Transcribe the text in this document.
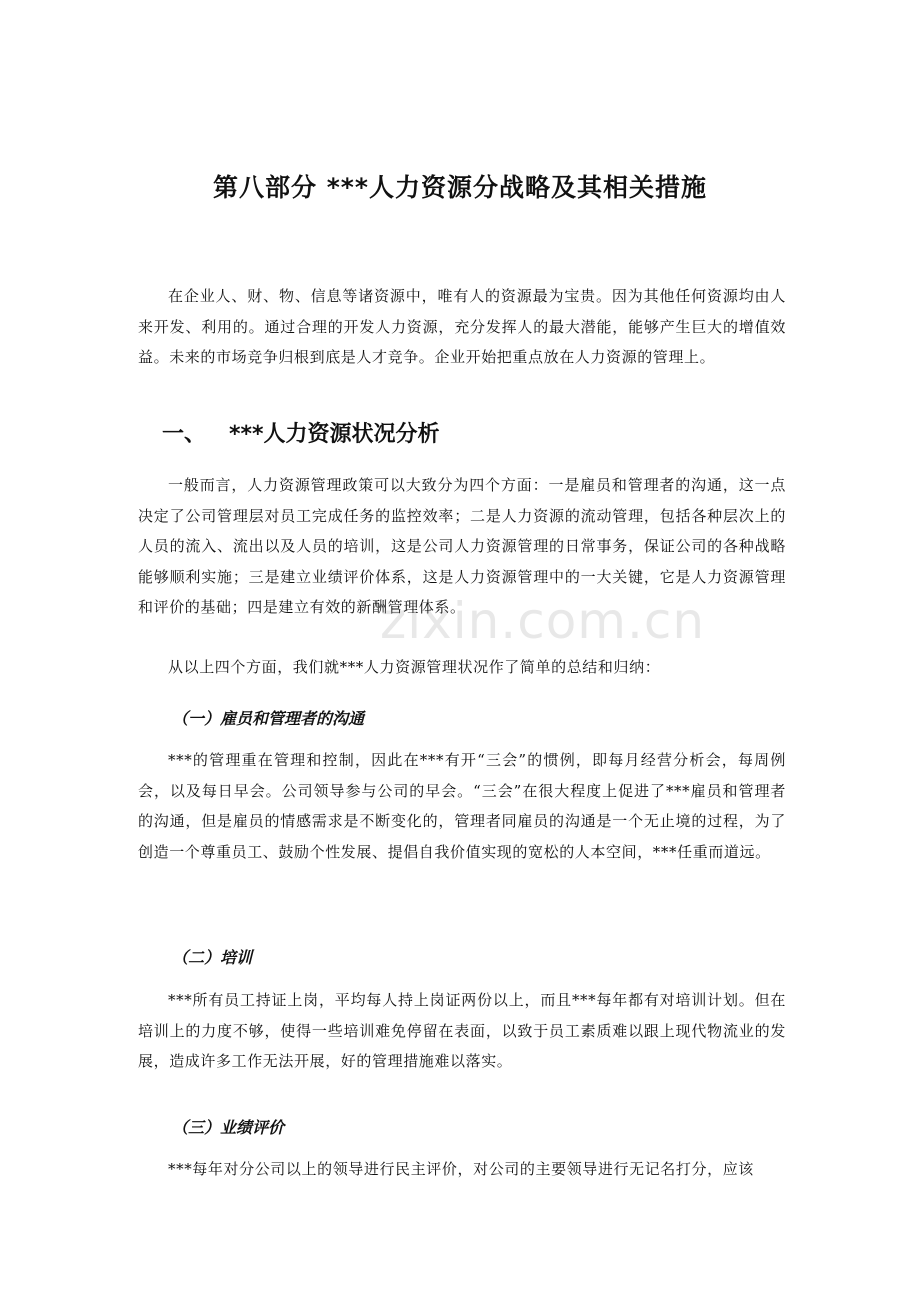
第八部分 ***人力资源分战略及其相关措施

在企业人、财、物、信息等诸资源中，唯有人的资源最为宝贵。因为其他任何资源均由人来开发、利用的。通过合理的开发人力资源，充分发挥人的最大潜能，能够产生巨大的增值效益。未来的市场竞争归根到底是人才竞争。企业开始把重点放在人力资源的管理上。

一、   ***人力资源状况分析

一般而言，人力资源管理政策可以大致分为四个方面：一是雇员和管理者的沟通，这一点决定了公司管理层对员工完成任务的监控效率；二是人力资源的流动管理，包括各种层次上的人员的流入、流出以及人员的培训，这是公司人力资源管理的日常事务，保证公司的各种战略能够顺利实施；三是建立业绩评价体系，这是人力资源管理中的一大关键，它是人力资源管理和评价的基础；四是建立有效的新酬管理体系。

从以上四个方面，我们就***人力资源管理状况作了简单的总结和归纳：

（一）雇员和管理者的沟通

***的管理重在管理和控制，因此在***有开“三会”的惯例，即每月经营分析会，每周例会，以及每日早会。公司领导参与公司的早会。“三会”在很大程度上促进了***雇员和管理者的沟通，但是雇员的情感需求是不断变化的，管理者同雇员的沟通是一个无止境的过程，为了创造一个尊重员工、鼓励个性发展、提倡自我价值实现的宽松的人本空间，***任重而道远。

（二）培训

***所有员工持证上岗，平均每人持上岗证两份以上，而且***每年都有对培训计划。但在培训上的力度不够，使得一些培训难免停留在表面，以致于员工素质难以跟上现代物流业的发展，造成许多工作无法开展，好的管理措施难以落实。

（三）业绩评价

***每年对分公司以上的领导进行民主评价，对公司的主要领导进行无记名打分，应该

zixin.com.cn
